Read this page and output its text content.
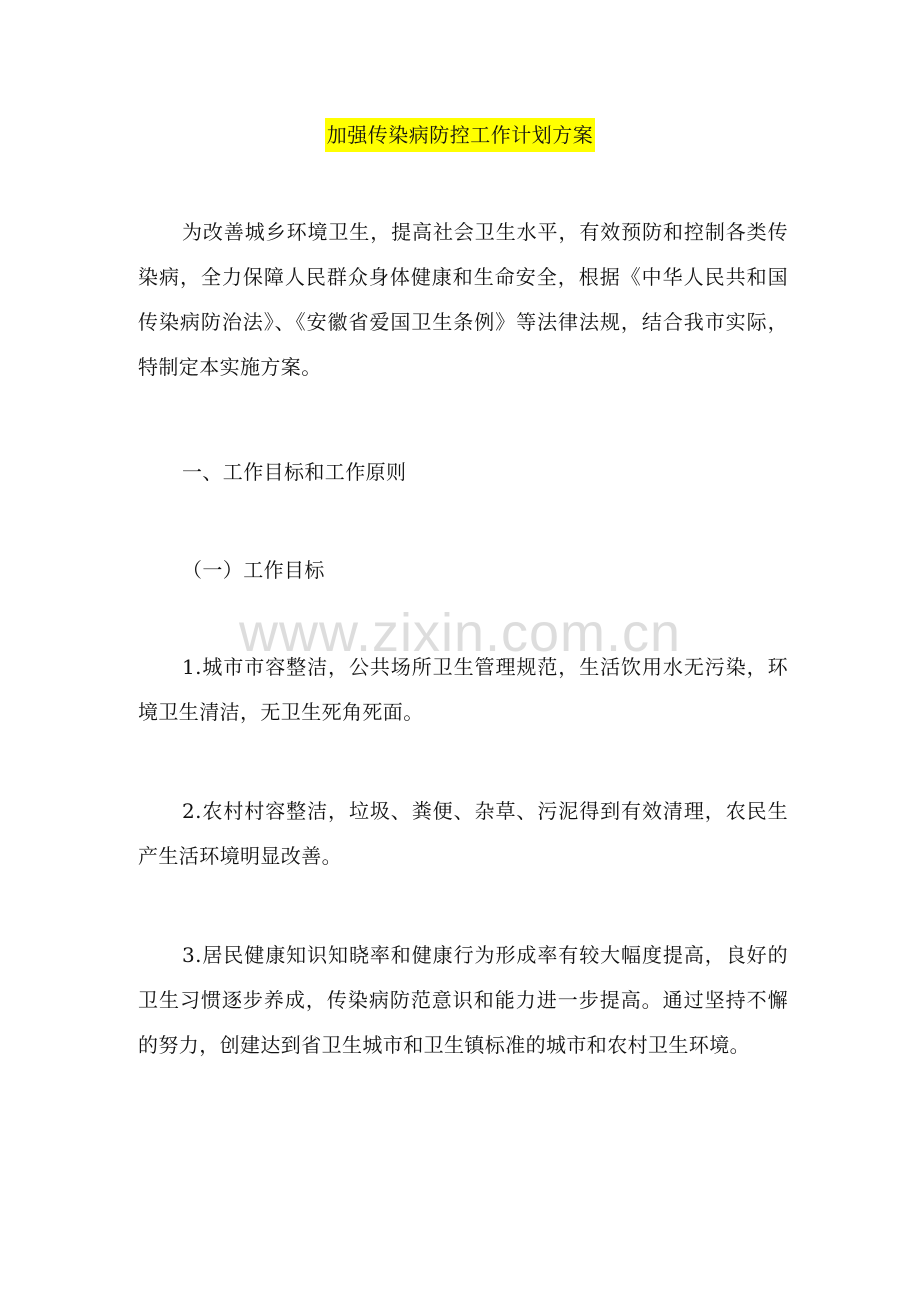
加强传染病防控工作计划方案

为改善城乡环境卫生，提高社会卫生水平，有效预防和控制各类传染病，全力保障人民群众身体健康和生命安全，根据《中华人民共和国传染病防治法》、《安徽省爱国卫生条例》等法律法规，结合我市实际，特制定本实施方案。

一、工作目标和工作原则

（一）工作目标

1.城市市容整洁，公共场所卫生管理规范，生活饮用水无污染，环境卫生清洁，无卫生死角死面。

2.农村村容整洁，垃圾、粪便、杂草、污泥得到有效清理，农民生产生活环境明显改善。

3.居民健康知识知晓率和健康行为形成率有较大幅度提高，良好的卫生习惯逐步养成，传染病防范意识和能力进一步提高。通过坚持不懈的努力，创建达到省卫生城市和卫生镇标准的城市和农村卫生环境。

www.zixin.com.cn
